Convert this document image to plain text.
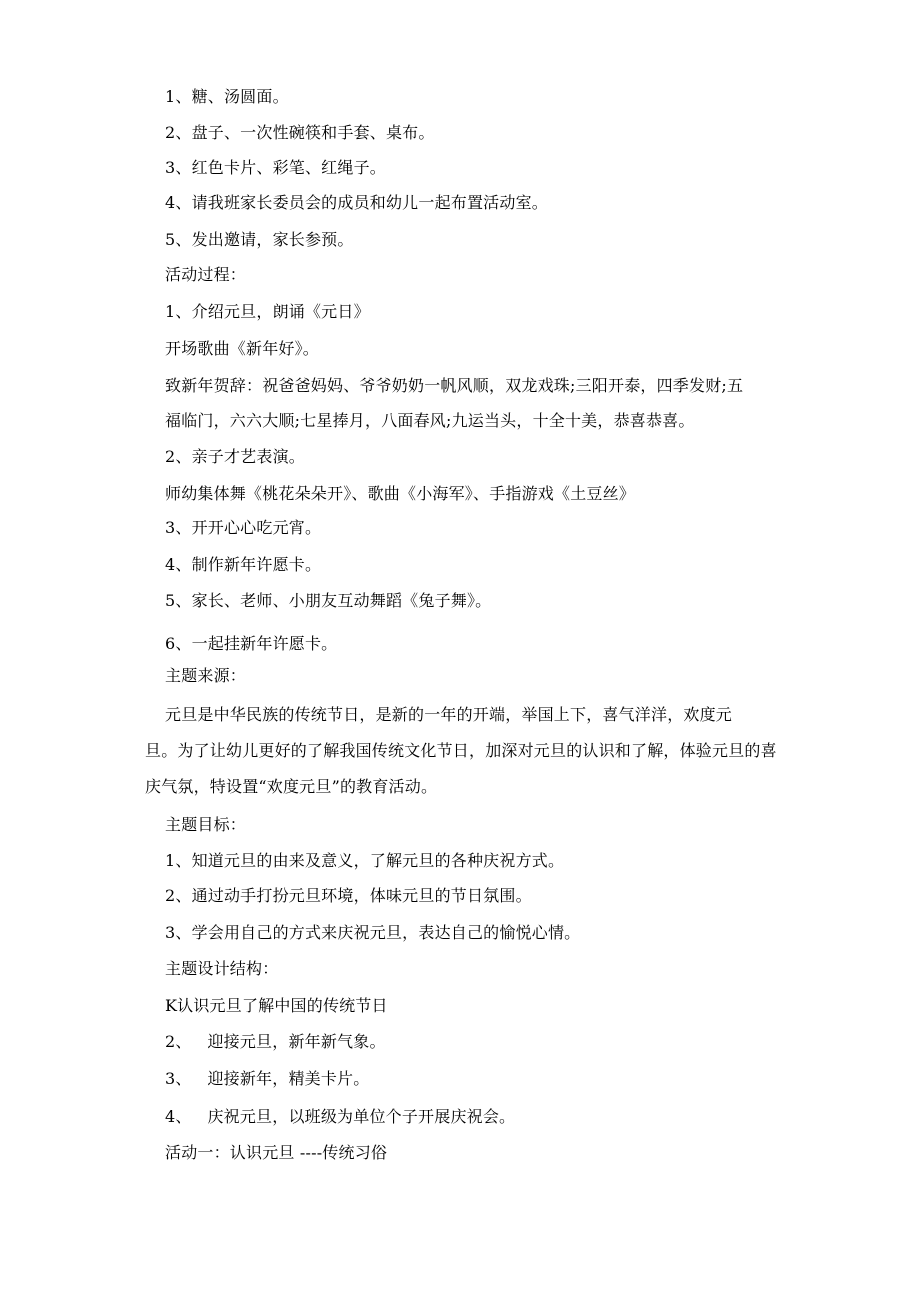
1、糖、汤圆面。
2、盘子、一次性碗筷和手套、桌布。
3、红色卡片、彩笔、红绳子。
4、请我班家长委员会的成员和幼儿一起布置活动室。
5、发出邀请，家长参预。
活动过程：
1、介绍元旦，朗诵《元日》
开场歌曲《新年好》。
致新年贺辞：祝爸爸妈妈、爷爷奶奶一帆风顺，双龙戏珠;三阳开泰，四季发财;五
福临门，六六大顺;七星捧月，八面春风;九运当头，十全十美，恭喜恭喜。
2、亲子才艺表演。
师幼集体舞《桃花朵朵开》、歌曲《小海军》、手指游戏《土豆丝》
3、开开心心吃元宵。
4、制作新年许愿卡。
5、家长、老师、小朋友互动舞蹈《兔子舞》。
6、一起挂新年许愿卡。
主题来源：
元旦是中华民族的传统节日，是新的一年的开端，举国上下，喜气洋洋，欢度元
旦。为了让幼儿更好的了解我国传统文化节日，加深对元旦的认识和了解，体验元旦的喜
庆气氛，特设置“欢度元旦”的教育活动。
主题目标：
1、知道元旦的由来及意义，了解元旦的各种庆祝方式。
2、通过动手打扮元旦环境，体味元旦的节日氛围。
3、学会用自己的方式来庆祝元旦，表达自己的愉悦心情。
主题设计结构：
K认识元旦了解中国的传统节日
2、   迎接元旦，新年新气象。
3、   迎接新年，精美卡片。
4、   庆祝元旦，以班级为单位个子开展庆祝会。
活动一：认识元旦 ----传统习俗
